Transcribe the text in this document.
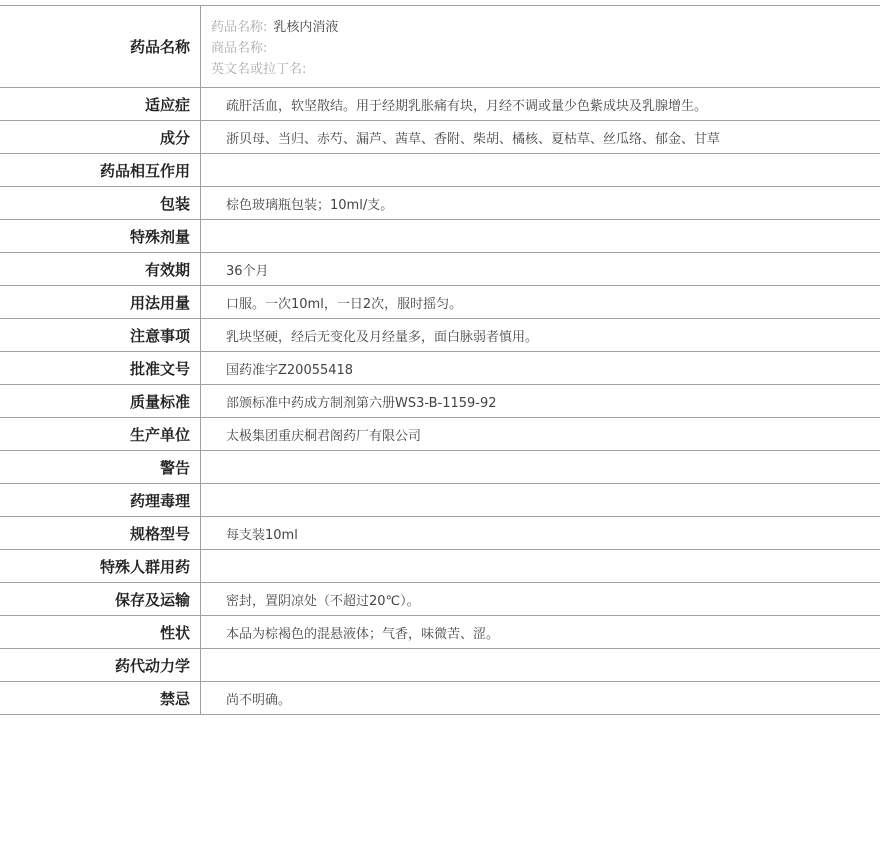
药品名称	药品名称: 乳核内消液
商品名称:
英文名或拉丁名:

适应症	疏肝活血，软坚散结。用于经期乳胀痛有块，月经不调或量少色紫成块及乳腺增生。
成分	浙贝母、当归、赤芍、漏芦、茜草、香附、柴胡、橘核、夏枯草、丝瓜络、郁金、甘草
药品相互作用	
包装	棕色玻璃瓶包装；10ml/支。
特殊剂量	
有效期	36个月
用法用量	口服。一次10ml，一日2次，服时摇匀。
注意事项	乳块坚硬，经后无变化及月经量多，面白脉弱者慎用。
批准文号	国药准字Z20055418
质量标准	部颁标准中药成方制剂第六册WS3-B-1159-92
生产单位	太极集团重庆桐君阁药厂有限公司
警告	
药理毒理	
规格型号	每支装10ml
特殊人群用药	
保存及运输	密封，置阴凉处（不超过20℃）。
性状	本品为棕褐色的混悬液体；气香，味微苦、涩。
药代动力学	
禁忌	尚不明确。
